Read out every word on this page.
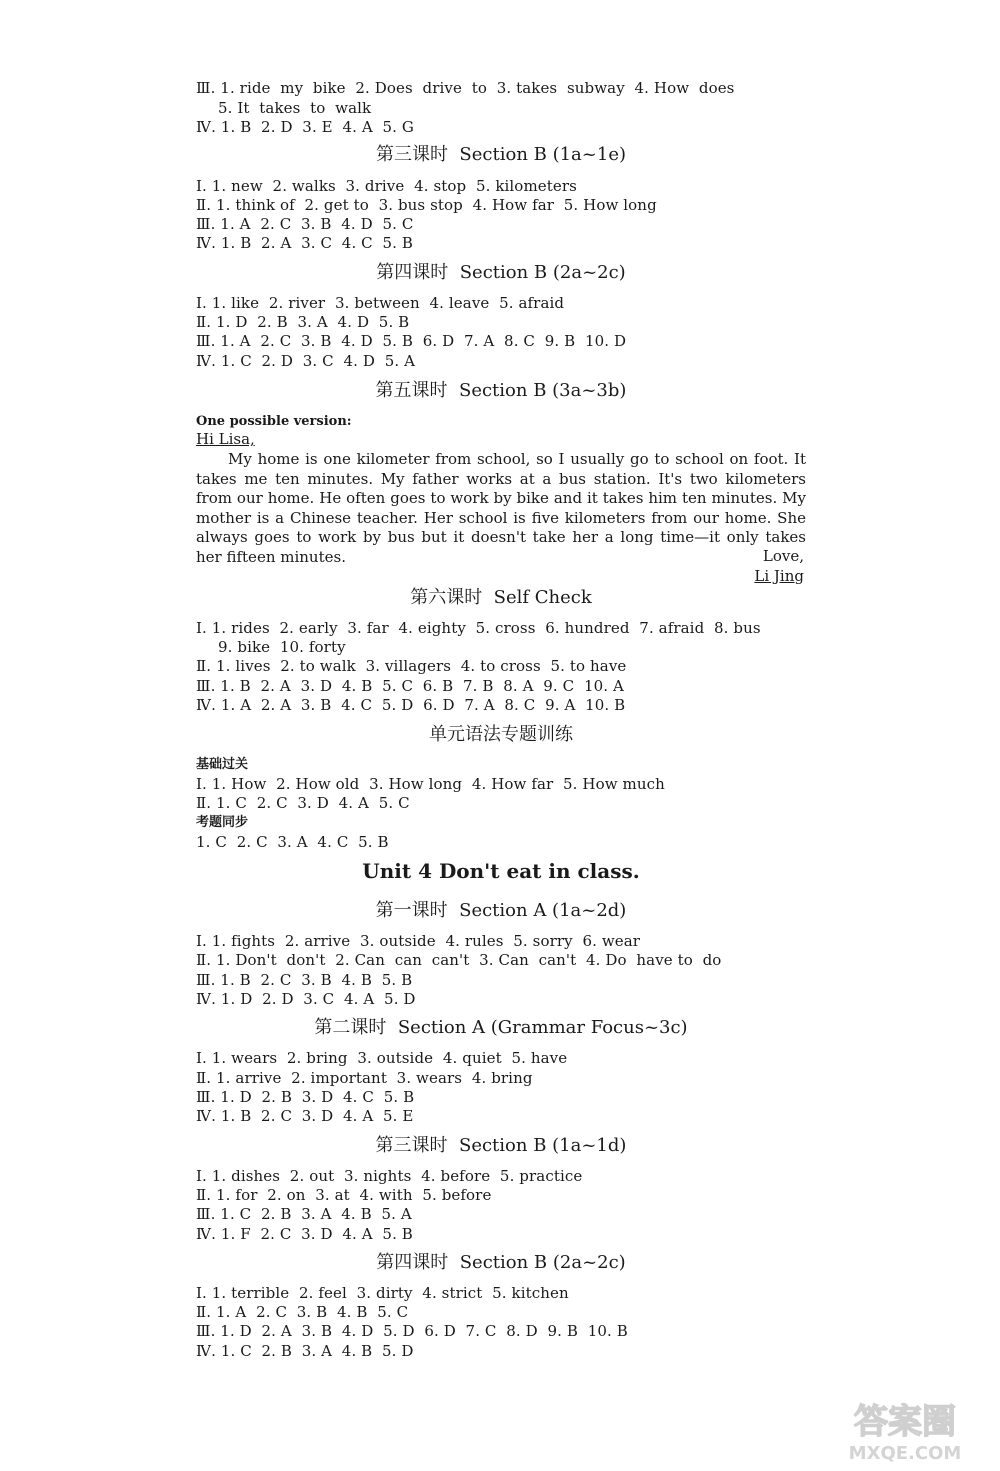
Ⅲ. 1. ride  my  bike  2. Does  drive  to  3. takes  subway  4. How  does
5. It  takes  to  walk
Ⅳ. 1. B  2. D  3. E  4. A  5. G
第三课时  Section B (1a~1e)
Ⅰ. 1. new  2. walks  3. drive  4. stop  5. kilometers
Ⅱ. 1. think of  2. get to  3. bus stop  4. How far  5. How long
Ⅲ. 1. A  2. C  3. B  4. D  5. C
Ⅳ. 1. B  2. A  3. C  4. C  5. B
第四课时  Section B (2a~2c)
Ⅰ. 1. like  2. river  3. between  4. leave  5. afraid
Ⅱ. 1. D  2. B  3. A  4. D  5. B
Ⅲ. 1. A  2. C  3. B  4. D  5. B  6. D  7. A  8. C  9. B  10. D
Ⅳ. 1. C  2. D  3. C  4. D  5. A
第五课时  Section B (3a~3b)
One possible version:
Hi Lisa,

My home is one kilometer from school, so I usually go to school on foot. It takes me ten minutes. My father works at a bus station. It's two kilometers from our home. He often goes to work by bike and it takes him ten minutes. My mother is a Chinese teacher. Her school is five kilometers from our home. She always goes to work by bus but it doesn't take her a long time—it only takes her fifteen minutes.	Love,
Li Jing
第六课时  Self Check
Ⅰ. 1. rides  2. early  3. far  4. eighty  5. cross  6. hundred  7. afraid  8. bus
9. bike  10. forty
Ⅱ. 1. lives  2. to walk  3. villagers  4. to cross  5. to have
Ⅲ. 1. B  2. A  3. D  4. B  5. C  6. B  7. B  8. A  9. C  10. A
Ⅳ. 1. A  2. A  3. B  4. C  5. D  6. D  7. A  8. C  9. A  10. B
单元语法专题训练
基础过关
Ⅰ. 1. How  2. How old  3. How long  4. How far  5. How much
Ⅱ. 1. C  2. C  3. D  4. A  5. C
考题同步
1. C  2. C  3. A  4. C  5. B
Unit 4 Don't eat in class.
第一课时  Section A (1a~2d)
Ⅰ. 1. fights  2. arrive  3. outside  4. rules  5. sorry  6. wear
Ⅱ. 1. Don't  don't  2. Can  can  can't  3. Can  can't  4. Do  have to  do
Ⅲ. 1. B  2. C  3. B  4. B  5. B
Ⅳ. 1. D  2. D  3. C  4. A  5. D
第二课时  Section A (Grammar Focus~3c)
Ⅰ. 1. wears  2. bring  3. outside  4. quiet  5. have
Ⅱ. 1. arrive  2. important  3. wears  4. bring
Ⅲ. 1. D  2. B  3. D  4. C  5. B
Ⅳ. 1. B  2. C  3. D  4. A  5. E
第三课时  Section B (1a~1d)
Ⅰ. 1. dishes  2. out  3. nights  4. before  5. practice
Ⅱ. 1. for  2. on  3. at  4. with  5. before
Ⅲ. 1. C  2. B  3. A  4. B  5. A
Ⅳ. 1. F  2. C  3. D  4. A  5. B
第四课时  Section B (2a~2c)
Ⅰ. 1. terrible  2. feel  3. dirty  4. strict  5. kitchen
Ⅱ. 1. A  2. C  3. B  4. B  5. C
Ⅲ. 1. D  2. A  3. B  4. D  5. D  6. D  7. C  8. D  9. B  10. B
Ⅳ. 1. C  2. B  3. A  4. B  5. D
答案圈
MXQE.COM
